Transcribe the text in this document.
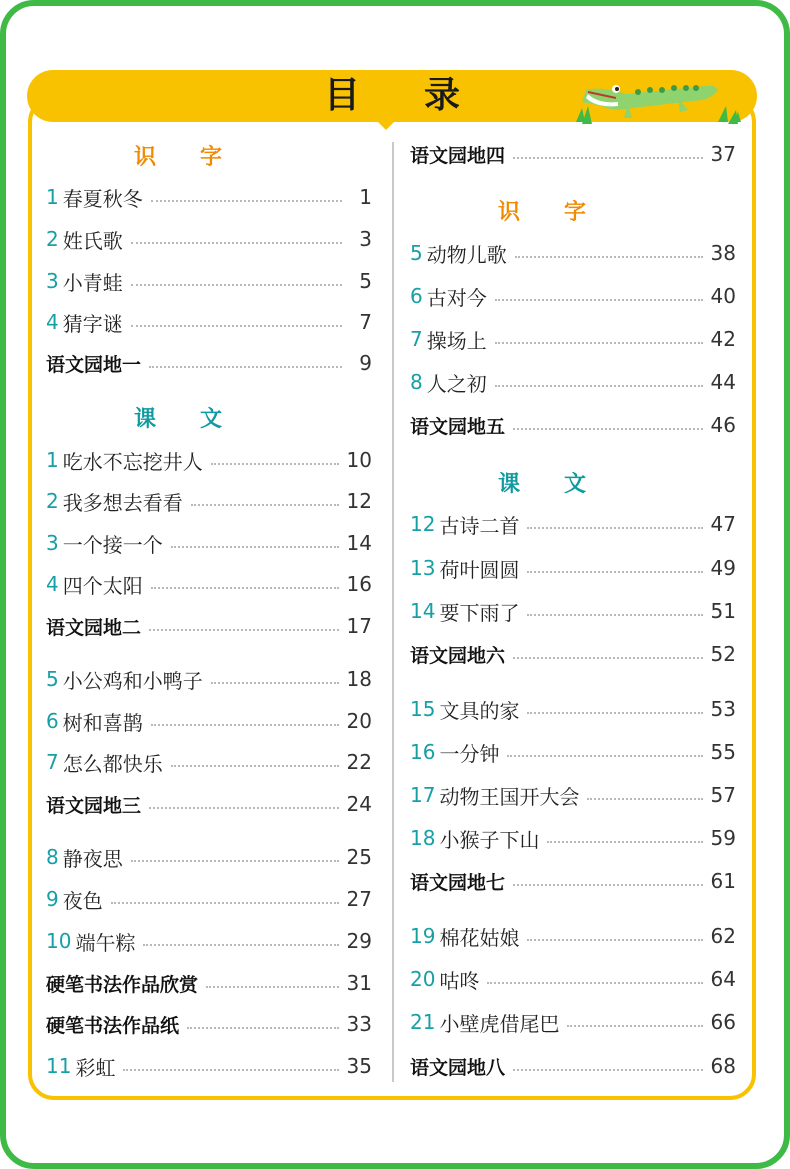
目录
识字
1 春夏秋冬	1
2 姓氏歌	3
3 小青蛙	5
4 猜字谜	7
语文园地一	9
课文
1 吃水不忘挖井人	10
2 我多想去看看	12
3 一个接一个	14
4 四个太阳	16
语文园地二	17
5 小公鸡和小鸭子	18
6 树和喜鹊	20
7 怎么都快乐	22
语文园地三	24
8 静夜思	25
9 夜色	27
10 端午粽	29
硬笔书法作品欣赏	31
硬笔书法作品纸	33
11 彩虹	35
语文园地四	37
识字
5 动物儿歌	38
6 古对今	40
7 操场上	42
8 人之初	44
语文园地五	46
课文
12 古诗二首	47
13 荷叶圆圆	49
14 要下雨了	51
语文园地六	52
15 文具的家	53
16 一分钟	55
17 动物王国开大会	57
18 小猴子下山	59
语文园地七	61
19 棉花姑娘	62
20 咕咚	64
21 小壁虎借尾巴	66
语文园地八	68
